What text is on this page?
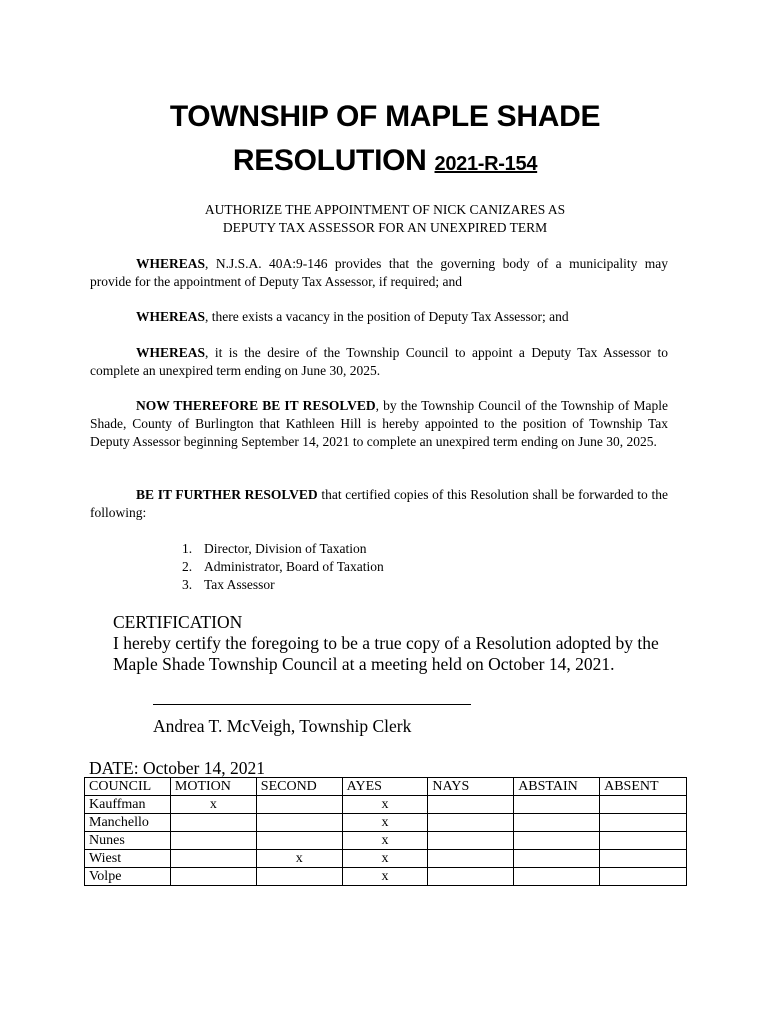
TOWNSHIP OF MAPLE SHADE
RESOLUTION 2021-R-154
AUTHORIZE THE APPOINTMENT OF NICK CANIZARES AS
DEPUTY TAX ASSESSOR FOR AN UNEXPIRED TERM
WHEREAS, N.J.S.A. 40A:9-146 provides that the governing body of a municipality may provide for the appointment of Deputy Tax Assessor, if required; and
WHEREAS, there exists a vacancy in the position of Deputy Tax Assessor; and
WHEREAS, it is the desire of the Township Council to appoint a Deputy Tax Assessor to complete an unexpired term ending on June 30, 2025.
NOW THEREFORE BE IT RESOLVED, by the Township Council of the Township of Maple Shade, County of Burlington that Kathleen Hill is hereby appointed to the position of Township Tax Deputy Assessor beginning September 14, 2021 to complete an unexpired term ending on June 30, 2025.
BE IT FURTHER RESOLVED that certified copies of this Resolution shall be forwarded to the following:
1. Director, Division of Taxation
2. Administrator, Board of Taxation
3. Tax Assessor
CERTIFICATION
I hereby certify the foregoing to be a true copy of a Resolution adopted by the
Maple Shade Township Council at a meeting held on October 14, 2021.
Andrea T. McVeigh, Township Clerk
DATE: October 14, 2021
COUNCIL	MOTION	SECOND	AYES	NAYS	ABSTAIN	ABSENT
Kauffman	x		x			
Manchello			x			
Nunes			x			
Wiest		x	x			
Volpe			x			
